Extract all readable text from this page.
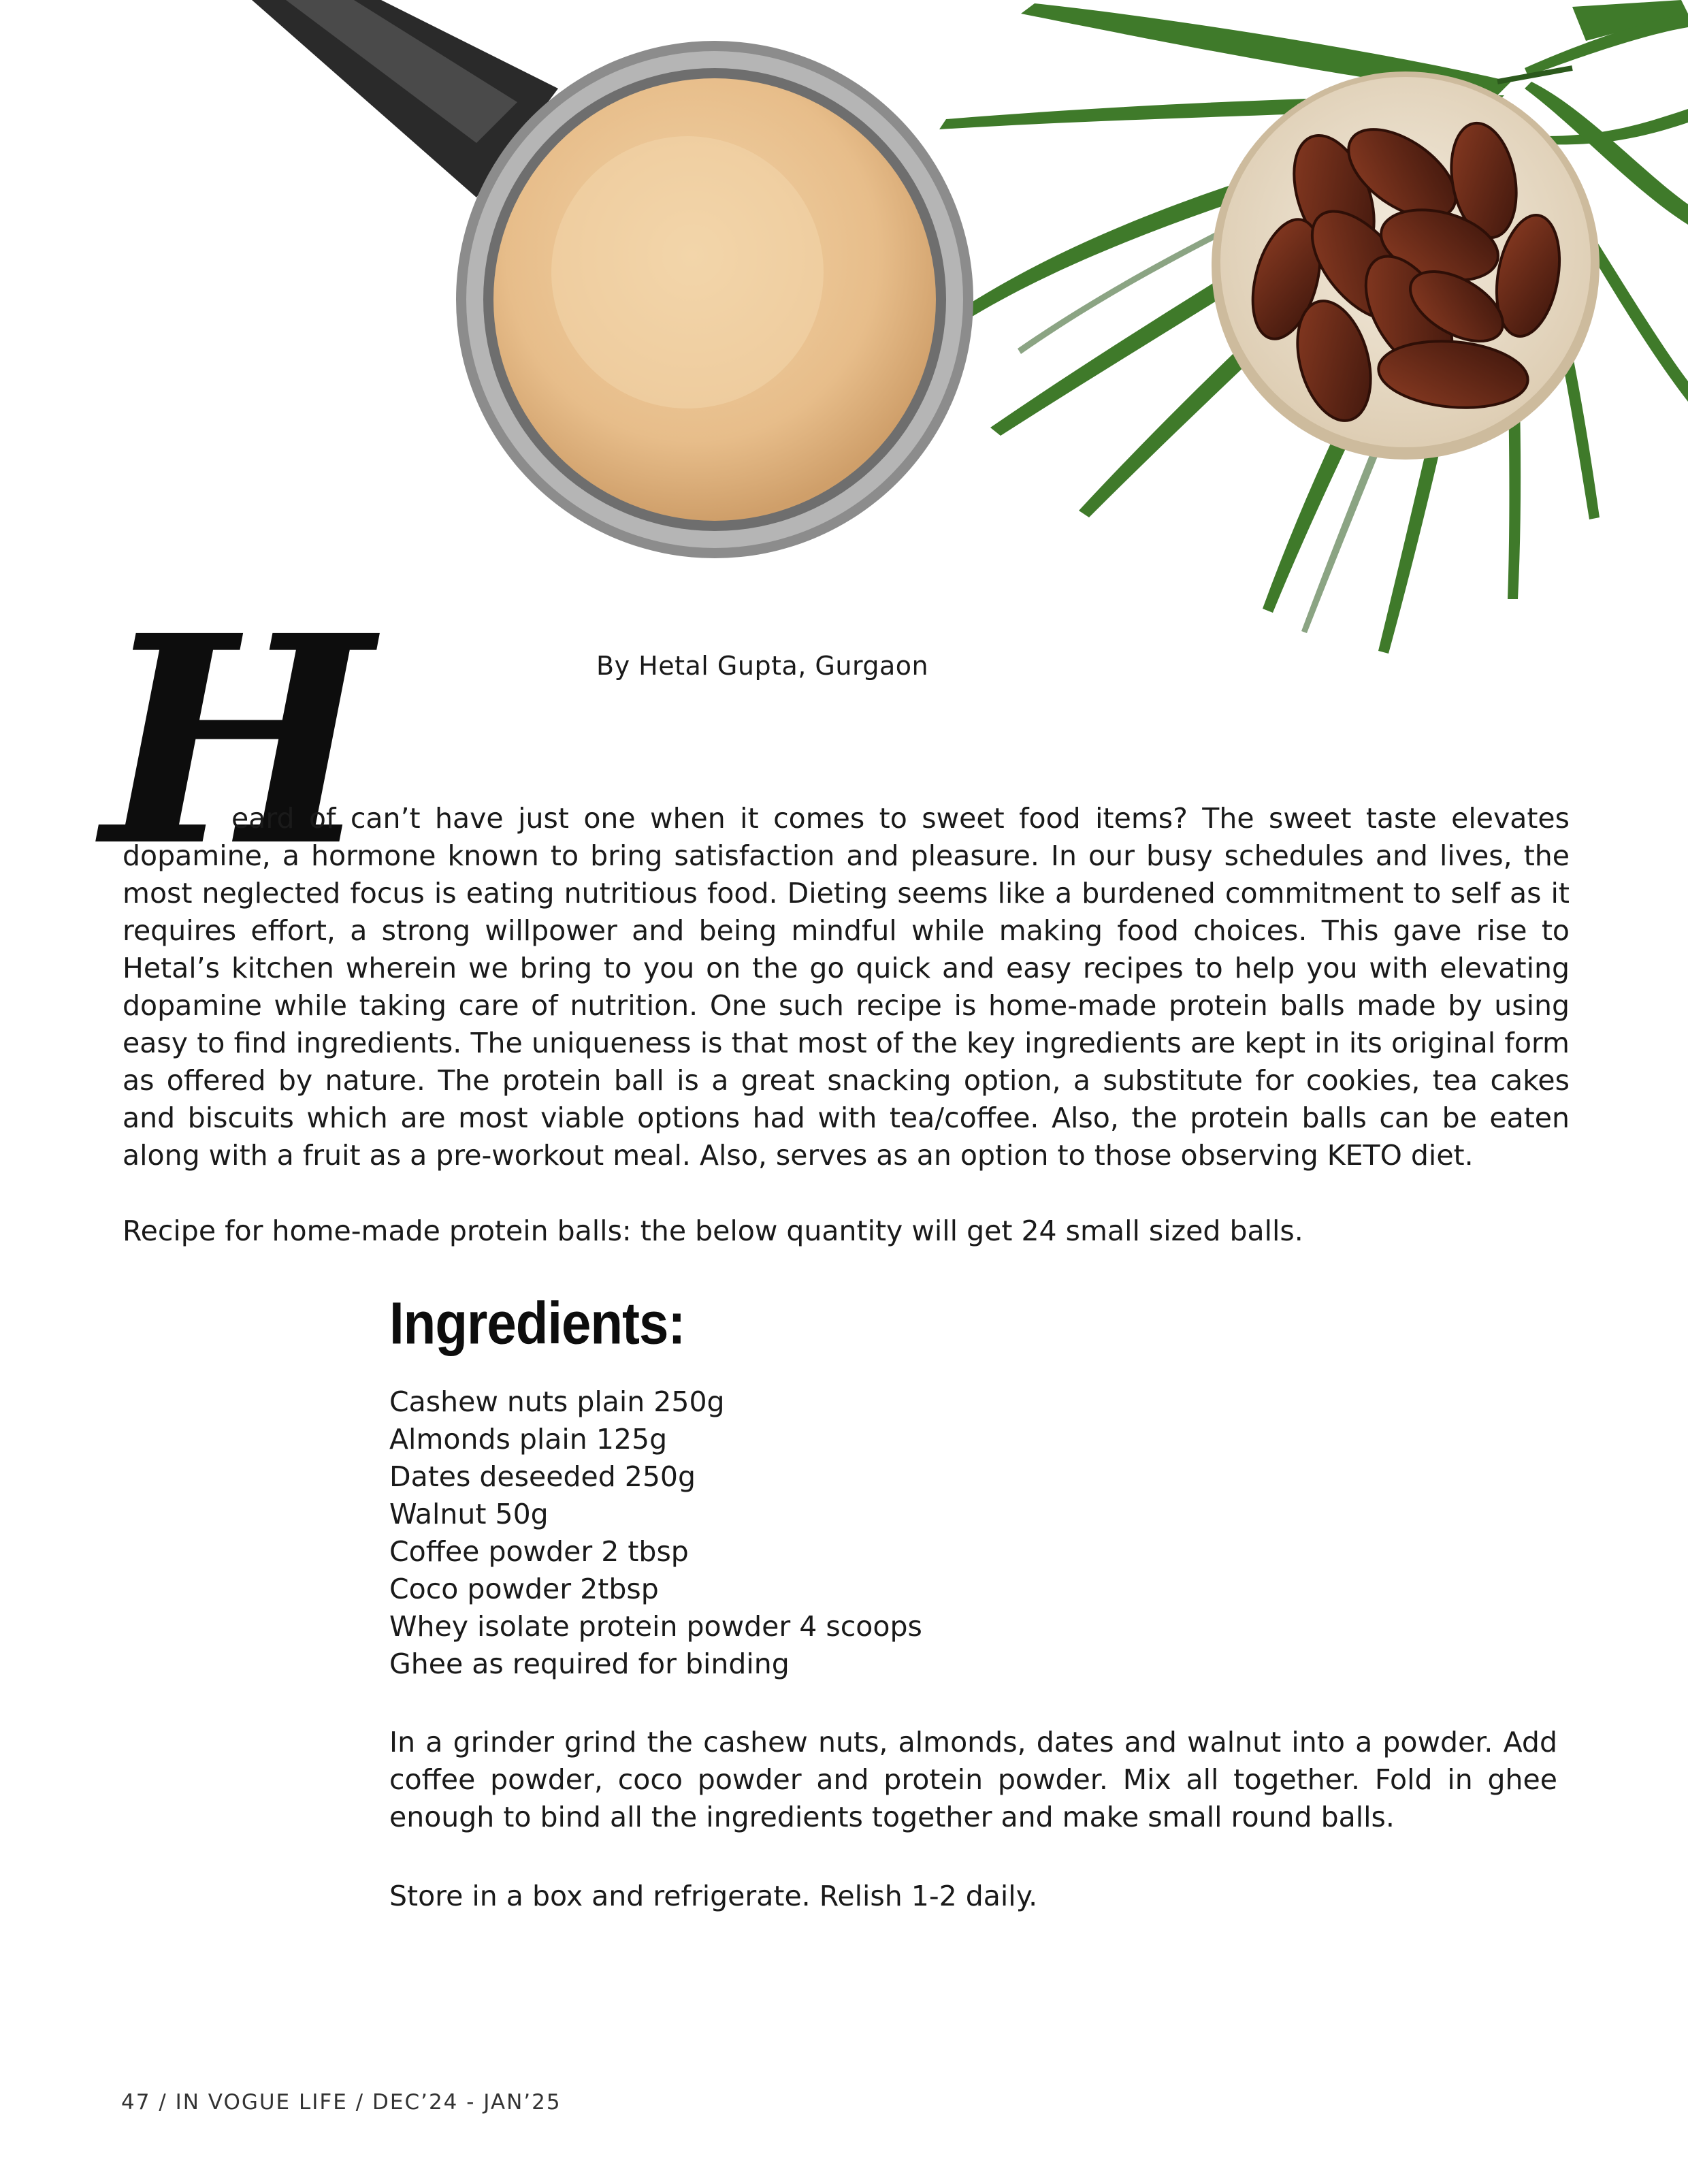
By Hetal Gupta, Gurgaon

H

eard of can’t have just one when it comes to sweet food items? The sweet taste elevates dopamine, a hormone known to bring satisfaction and pleasure. In our busy schedules and lives, the most neglected focus is eating nutritious food. Dieting seems like a burdened commitment to self as it requires effort, a strong willpower and being mindful while making food choices. This gave rise to Hetal’s kitchen wherein we bring to you on the go quick and easy recipes to help you with elevating dopamine while taking care of nutrition. One such recipe is home-made protein balls made by using easy to find ingredients. The uniqueness is that most of the key ingredients are kept in its original form as offered by nature. The protein ball is a great snacking option, a substitute for cookies, tea cakes and biscuits which are most viable options had with tea/coffee. Also, the protein balls can be eaten along with a fruit as a pre-workout meal. Also, serves as an option to those observing KETO diet.

Recipe for home-made protein balls: the below quantity will get 24 small sized balls.

Ingredients:
Cashew nuts plain 250g
Almonds plain 125g
Dates deseeded 250g
Walnut 50g
Coffee powder 2 tbsp
Coco powder 2tbsp
Whey isolate protein powder 4 scoops
Ghee as required for binding

In a grinder grind the cashew nuts, almonds, dates and walnut into a powder. Add coffee powder, coco powder and protein powder. Mix all together. Fold in ghee enough to bind all the ingredients together and make small round balls.

Store in a box and refrigerate. Relish 1-2 daily.

47 / IN VOGUE LIFE / DEC’24 - JAN’25
